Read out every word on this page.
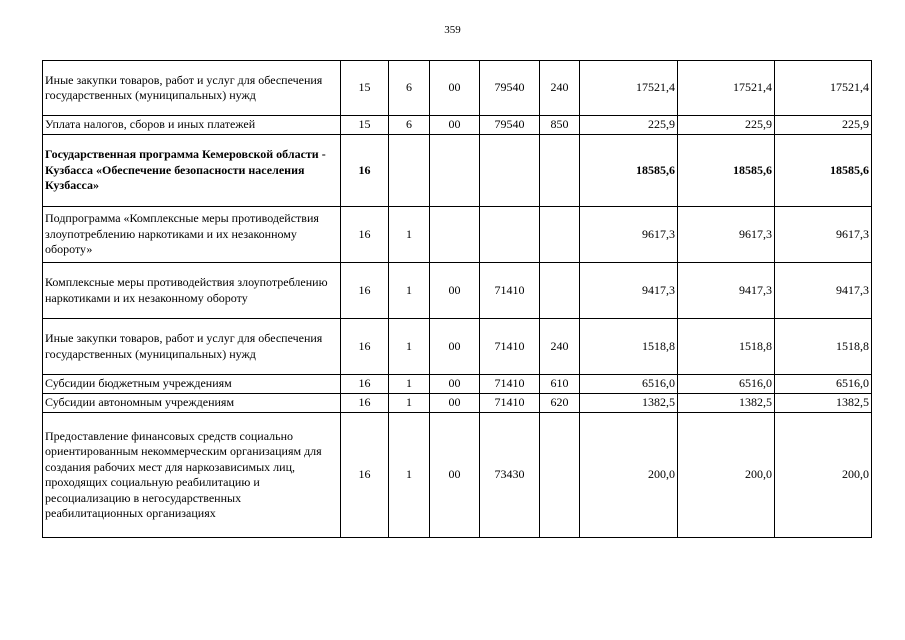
359
Иные закупки товаров, работ и услуг для обеспечения государственных (муниципальных) нужд	15	6	00	79540	240	17521,4	17521,4	17521,4
Уплата налогов, сборов и иных платежей	15	6	00	79540	850	225,9	225,9	225,9
Государственная программа Кемеровской области - Кузбасса «Обеспечение безопасности населения Кузбасса»	16					18585,6	18585,6	18585,6
Подпрограмма «Комплексные меры противодействия злоупотреблению наркотиками и их незаконному обороту»	16	1				9617,3	9617,3	9617,3
Комплексные меры противодействия злоупотреблению наркотиками и их незаконному обороту	16	1	00	71410		9417,3	9417,3	9417,3
Иные закупки товаров, работ и услуг для обеспечения государственных (муниципальных) нужд	16	1	00	71410	240	1518,8	1518,8	1518,8
Субсидии бюджетным учреждениям	16	1	00	71410	610	6516,0	6516,0	6516,0
Субсидии автономным учреждениям	16	1	00	71410	620	1382,5	1382,5	1382,5
Предоставление финансовых средств социально ориентированным некоммерческим организациям для создания рабочих мест для наркозависимых лиц, проходящих социальную реабилитацию и ресоциализацию в негосударственных реабилитационных организациях	16	1	00	73430		200,0	200,0	200,0
